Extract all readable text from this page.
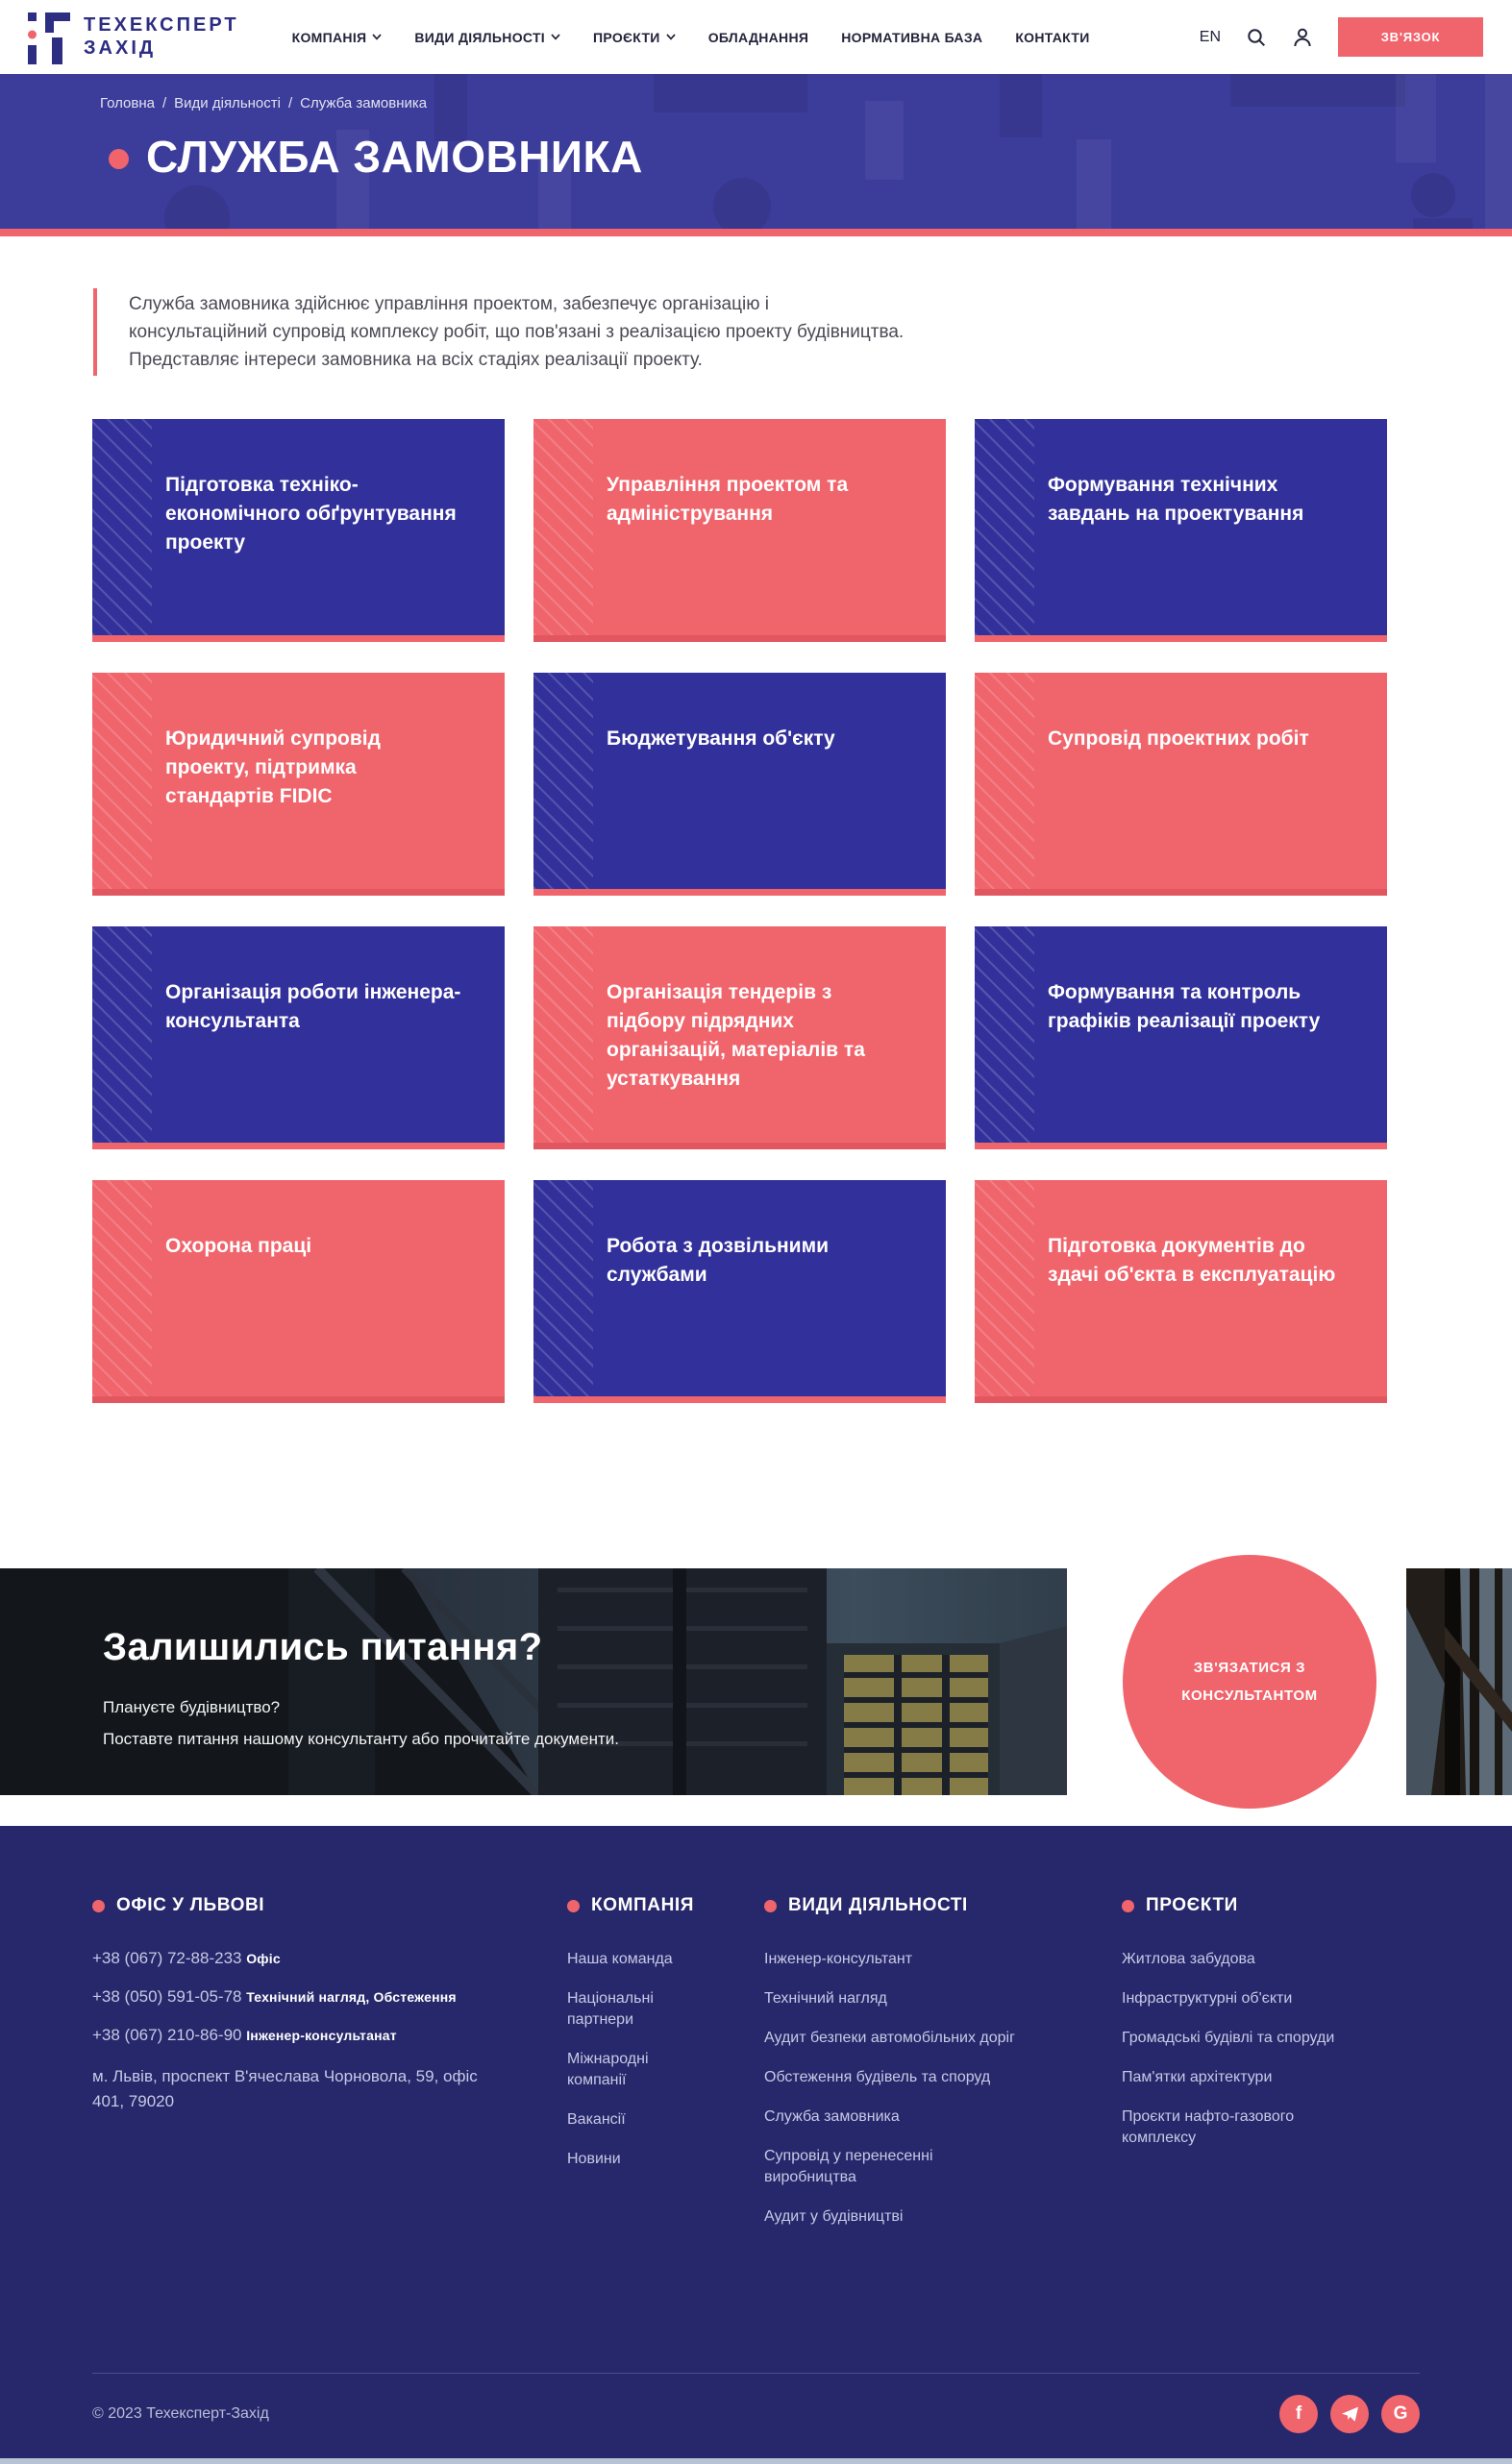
ТЕХЕКСПЕРТ
ЗАХІД	КОМПАНІЯ	ВИДИ ДІЯЛЬНОСТІ	ПРОЄКТИ	ОБЛАДНАННЯ НОРМАТИВНА БАЗА КОНТАКТИ	EN	ЗВ'ЯЗОК
Головна / Види діяльності / Служба замовника
СЛУЖБА ЗАМОВНИКА

Служба замовника здійснює управління проектом, забезпечує організацію і консультаційний супровід комплексу робіт, що пов'язані з реалізацією проекту будівництва. Представляє інтереси замовника на всіх стадіях реалізації проекту.

Підготовка техніко-економічного обґрунтування проекту
Управління проектом та адміністрування
Формування технічних завдань на проектування
Юридичний супровід проекту, підтримка стандартів FIDIC
Бюджетування об'єкту	Супровід проектних робіт
Організація роботи інженера-консультанта
Організація тендерів з підбору підрядних організацій, матеріалів та устаткування
Формування та контроль графіків реалізації проекту
Охорона праці	Робота з дозвільними службами
Підготовка документів до здачі об'єкта в експлуатацію
Залишились питання?

Плануєте будівництво?

Поставте питання нашому консультанту або прочитайте документи.

ЗВ'ЯЗАТИСЯ З
КОНСУЛЬТАНТОМ
ОФІС У ЛЬВОВІ
+38 (067) 72-88-233 Офіс
+38 (050) 591-05-78 Технічний нагляд, Обстеження
+38 (067) 210-86-90 Інженер-консультанат

м. Львів, проспект В'ячеслава Чорновола, 59, офіс 401, 79020

КОМПАНІЯ
Наша команда
Національні партнери
Міжнародні компанії
Вакансії
Новини
ВИДИ ДІЯЛЬНОСТІ
Інженер-консультант
Технічний нагляд
Аудит безпеки автомобільних доріг
Обстеження будівель та споруд
Служба замовника
Супровід у перенесенні виробництва
Аудит у будівництві
ПРОЄКТИ
Житлова забудова
Інфраструктурні об'єкти
Громадські будівлі та споруди
Пам'ятки архітектури
Проєкти нафто-газового комплексу
© 2023 Техексперт-Захід	f	G
